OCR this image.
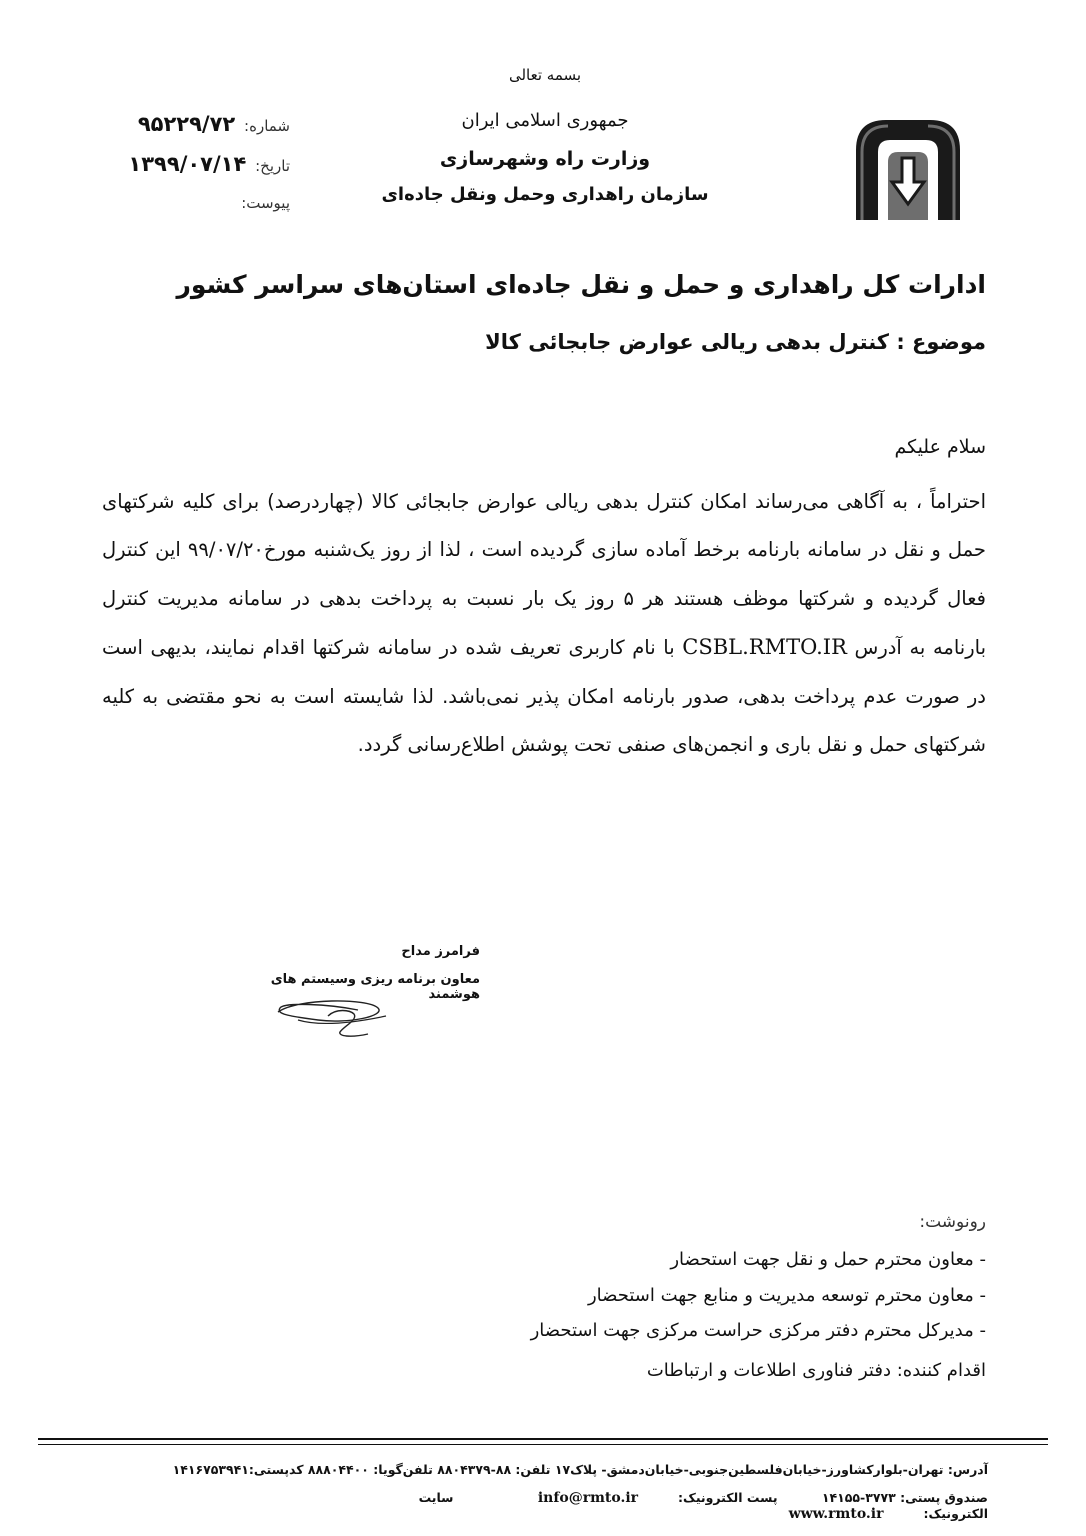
بسمه تعالی
جمهوری اسلامی ایران
وزارت راه وشهرسازی
سازمان راهداری وحمل ونقل جاده‌ای
شماره: ۹۵۲۲۹/۷۲
تاریخ: ۱۳۹۹/۰۷/۱۴
پیوست:
ادارات کل راهداری و حمل و نقل جاده‌ای استان‌های سراسر کشور
موضوع : کنترل بدهی ریالی عوارض جابجائی کالا
سلام علیکم
احتراماً ، به آگاهی می‌رساند امکان کنترل بدهی ریالی عوارض جابجائی کالا (چهاردرصد) برای کلیه شرکتهای حمل و نقل در سامانه بارنامه برخط آماده سازی گردیده است ، لذا از روز یک‌شنبه مورخ۹۹/۰۷/۲۰ این کنترل فعال گردیده و شرکتها موظف هستند هر ۵ روز یک بار نسبت به پرداخت بدهی در سامانه مدیریت کنترل بارنامه به آدرس CSBL.RMTO.IR با نام کاربری تعریف شده در سامانه شرکتها اقدام نمایند، بدیهی است در صورت عدم پرداخت بدهی، صدور بارنامه امکان پذیر نمی‌باشد. لذا شایسته است به نحو مقتضی به کلیه شرکتهای حمل و نقل باری و انجمن‌های صنفی تحت پوشش اطلاع‌رسانی گردد.
فرامرز مداح
معاون برنامه ریزی وسیستم های هوشمند
رونوشت:
- معاون محترم حمل و نقل جهت استحضار
- معاون محترم توسعه مدیریت و منابع جهت استحضار
- مدیرکل محترم دفتر مرکزی حراست مرکزی جهت استحضار
اقدام کننده: دفتر فناوری اطلاعات و ارتباطات
آدرس: تهران-بلوارکشاورز-خیابان‌فلسطین‌جنوبی-خیابان‌دمشق- پلاک۱۷ تلفن: ۸۸-۸۸۰۴۳۷۹ تلفن‌گویا: ۸۸۸۰۴۴۰۰ کدپستی:۱۴۱۶۷۵۳۹۴۱
صندوق پستی: ۳۷۷۳-۱۴۱۵۵ پست الکترونیک:info@rmto.ir سایت الکترونیک:www.rmto.ir
